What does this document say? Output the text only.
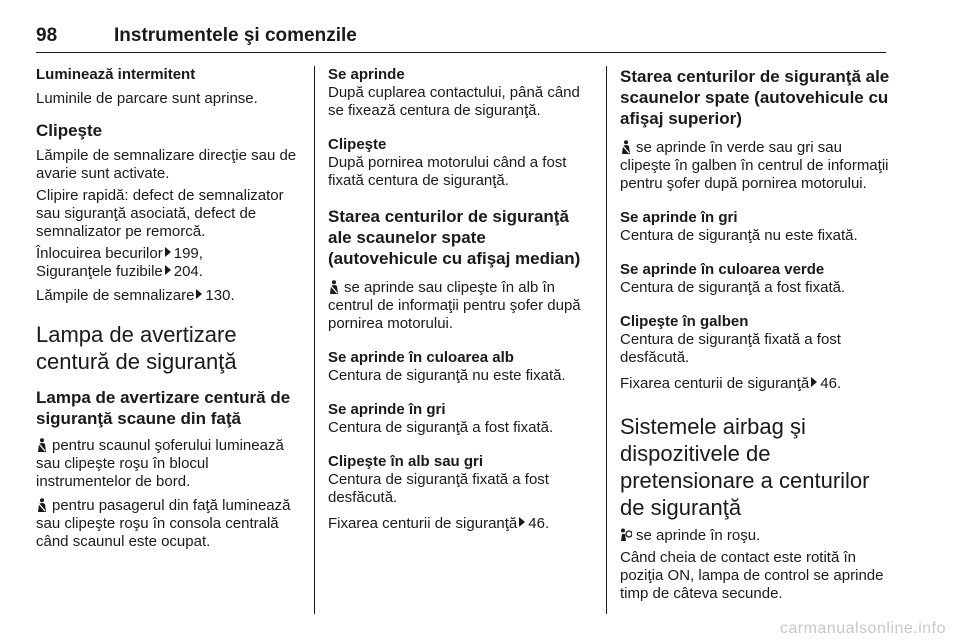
98	Instrumentele şi comenzile

Luminează intermitent

Luminile de parcare sunt aprinse.

Clipeşte

Lămpile de semnalizare direcţie sau de avarie sunt activate.

Clipire rapidă: defect de semnalizator sau siguranţă asociată, defect de semnalizator pe remorcă.

Înlocuirea becurilor 199,
Siguranţele fuzibile 204.

Lămpile de semnalizare 130.

Lampa de avertizare centură de siguranţă

Lampa de avertizare centură de siguranţă scaune din faţă

pentru scaunul şoferului luminează sau clipeşte roşu în blocul instrumentelor de bord.

pentru pasagerul din faţă luminează sau clipeşte roşu în consola centrală când scaunul este ocupat.

Se aprinde

După cuplarea contactului, până când se fixează centura de siguranţă.

Clipeşte

După pornirea motorului când a fost fixată centura de siguranţă.

Starea centurilor de siguranţă ale scaunelor spate (autovehicule cu afişaj median)

se aprinde sau clipeşte în alb în centrul de informaţii pentru şofer după pornirea motorului.

Se aprinde în culoarea alb

Centura de siguranţă nu este fixată.

Se aprinde în gri

Centura de siguranţă a fost fixată.

Clipeşte în alb sau gri

Centura de siguranţă fixată a fost desfăcută.

Fixarea centurii de siguranţă 46.

Starea centurilor de siguranţă ale scaunelor spate (autovehicule cu afişaj superior)

se aprinde în verde sau gri sau clipeşte în galben în centrul de informaţii pentru şofer după pornirea motorului.

Se aprinde în gri

Centura de siguranţă nu este fixată.

Se aprinde în culoarea verde

Centura de siguranţă a fost fixată.

Clipeşte în galben

Centura de siguranţă fixată a fost desfăcută.

Fixarea centurii de siguranţă 46.

Sistemele airbag şi dispozitivele de pretensionare a centurilor de siguranţă

se aprinde în roşu.

Când cheia de contact este rotită în poziţia ON, lampa de control se aprinde timp de câteva secunde.

carmanualsonline.info
